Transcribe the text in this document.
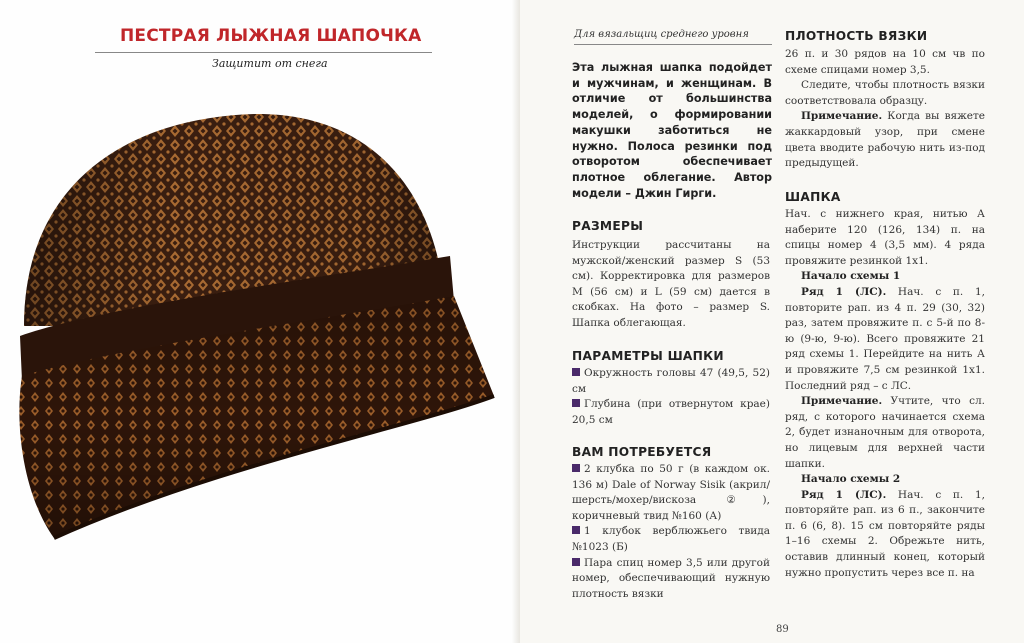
ПЕСТРАЯ ЛЫЖНАЯ ШАПОЧКА
Защитит от снега
Для вязальщиц среднего уровня
Эта лыжная шапка подойдет и мужчинам, и женщинам. В отличие от большинства моделей, о формировании макушки заботиться не нужно. Полоса резинки под отворотом обеспечивает плотное облегание. Автор модели – Джин Гирги.
РАЗМЕРЫ
Инструкции рассчитаны на мужской/женский размер S (53 см). Корректировка для размеров M (56 см) и L (59 см) дается в скобках. На фото – размер S. Шапка облегающая.
ПАРАМЕТРЫ ШАПКИ
Окружность головы 47 (49,5, 52) см
Глубина (при отвернутом крае) 20,5 см
ВАМ ПОТРЕБУЕТСЯ
2 клубка по 50 г (в каждом ок. 136 м) Dale of Norway Sisik (акрил/шерсть/мохер/вискоза ②), коричневый твид №160 (А)
1 клубок верблюжьего твида №1023 (Б)
Пара спиц номер 3,5 или другой номер, обеспечивающий нужную плотность вязки
ПЛОТНОСТЬ ВЯЗКИ
26 п. и 30 рядов на 10 см чв по схеме спицами номер 3,5.
Следите, чтобы плотность вязки соответствовала образцу.
Примечание. Когда вы вяжете жаккардовый узор, при смене цвета вводите рабочую нить из-под предыдущей.
ШАПКА
Нач. с нижнего края, нитью А наберите 120 (126, 134) п. на спицы номер 4 (3,5 мм). 4 ряда провяжите резинкой 1х1.
Начало схемы 1
Ряд 1 (ЛС). Нач. с п. 1, повторите рап. из 4 п. 29 (30, 32) раз, затем провяжите п. с 5-й по 8-ю (9-ю, 9-ю). Всего провяжите 21 ряд схемы 1. Перейдите на нить А и провяжите 7,5 см резинкой 1х1. Последний ряд – с ЛС.
Примечание. Учтите, что сл. ряд, с которого начинается схема 2, будет изнаночным для отворота, но лицевым для верхней части шапки.
Начало схемы 2
Ряд 1 (ЛС). Нач. с п. 1, повторяйте рап. из 6 п., закончите п. 6 (6, 8). 15 см повторяйте ряды 1–16 схемы 2. Обрежьте нить, оставив длинный конец, который нужно пропустить через все п. на
89
